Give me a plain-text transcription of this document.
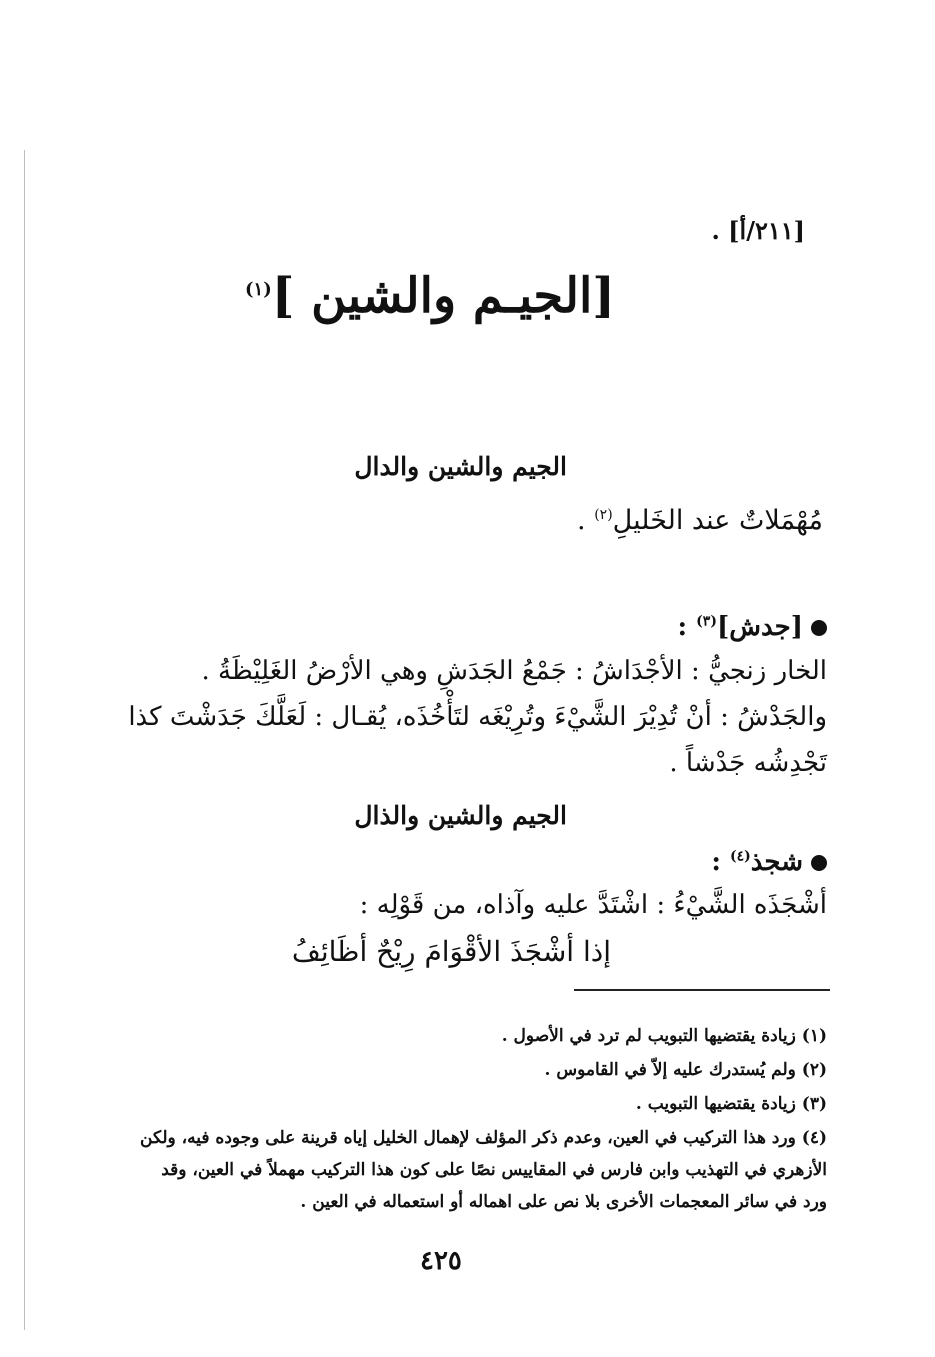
[٢١١/أ] .
[الجيـم والشين ]$^{(١)}$
الجيم والشين والدال
مُهْمَلاتٌ عند الخَليلِ$^{(٢)}$ .
[جدش]$^{(٣)}$ :
الخار زنجيُّ : الأجْدَاشُ : جَمْعُ الجَدَشِ وهي الأرْضُ الغَلِيْظَةُ .
والجَدْشُ : أنْ تُدِيْرَ الشَّيْءَ وتُرِيْغَه لتَأْخُذَه، يُقـال : لَعَلَّكَ جَدَشْتَ كذا
تَجْدِشُه جَدْشاً .
الجيم والشين والذال
شجذ$^{(٤)}$ :
أشْجَذَه الشَّيْءُ : اشْتَدَّ عليه وآذاه، من قَوْلِه :
إذا أشْجَذَ الأقْوَامَ رِيْحٌ أظَائِفُ
(١) زيادة يقتضيها التبويب لم ترد في الأصول .
(٢) ولم يُستدرك عليه إلاّ في القاموس .
(٣) زيادة يقتضيها التبويب .
(٤) ورد هذا التركيب في العين، وعدم ذكر المؤلف لإهمال الخليل إياه قرينة على وجوده فيه، ولكن
الأزهري في التهذيب وابن فارس في المقاييس نصًا على كون هذا التركيب مهملاً في العين، وقد
ورد في سائر المعجمات الأخرى بلا نص على اهماله أو استعماله في العين .
٤٢٥
